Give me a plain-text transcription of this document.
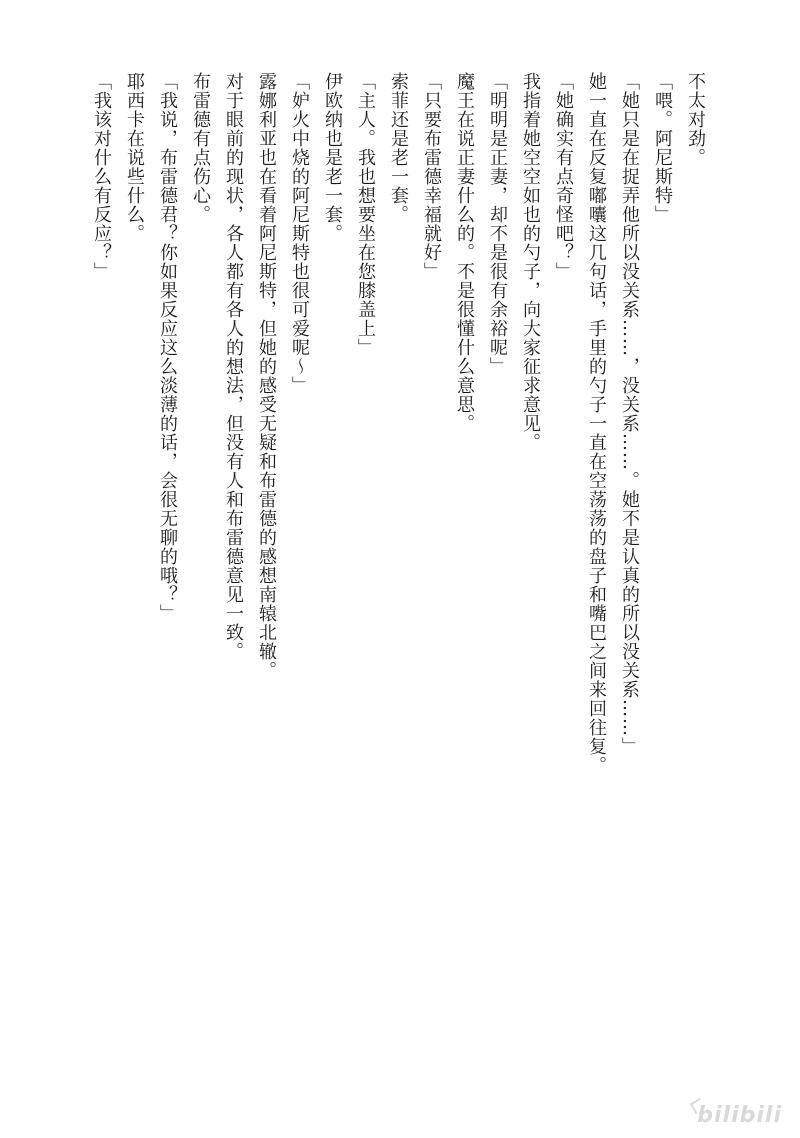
不太对劲。
「喂。阿尼斯特」
「她只是在捉弄他所以没关系……，没关系……。她不是认真的所以没关系……」
她一直在反复嘟囔这几句话，手里的勺子一直在空荡荡的盘子和嘴巴之间来回往复。
「她确实有点奇怪吧？」
我指着她空空如也的勺子，向大家征求意见。
「明明是正妻，却不是很有余裕呢」
魔王在说正妻什么的。不是很懂什么意思。
「只要布雷德幸福就好」
索菲还是老一套。
「主人。我也想要坐在您膝盖上」
伊欧纳也是老一套。
「妒火中烧的阿尼斯特也很可爱呢～」
露娜利亚也在看着阿尼斯特，但她的感受无疑和布雷德的感想南辕北辙。
对于眼前的现状，各人都有各人的想法，但没有人和布雷德意见一致。
布雷德有点伤心。
「我说，布雷德君？你如果反应这么淡薄的话，会很无聊的哦？」
耶西卡在说些什么。
「我该对什么有反应？」
bilibili
